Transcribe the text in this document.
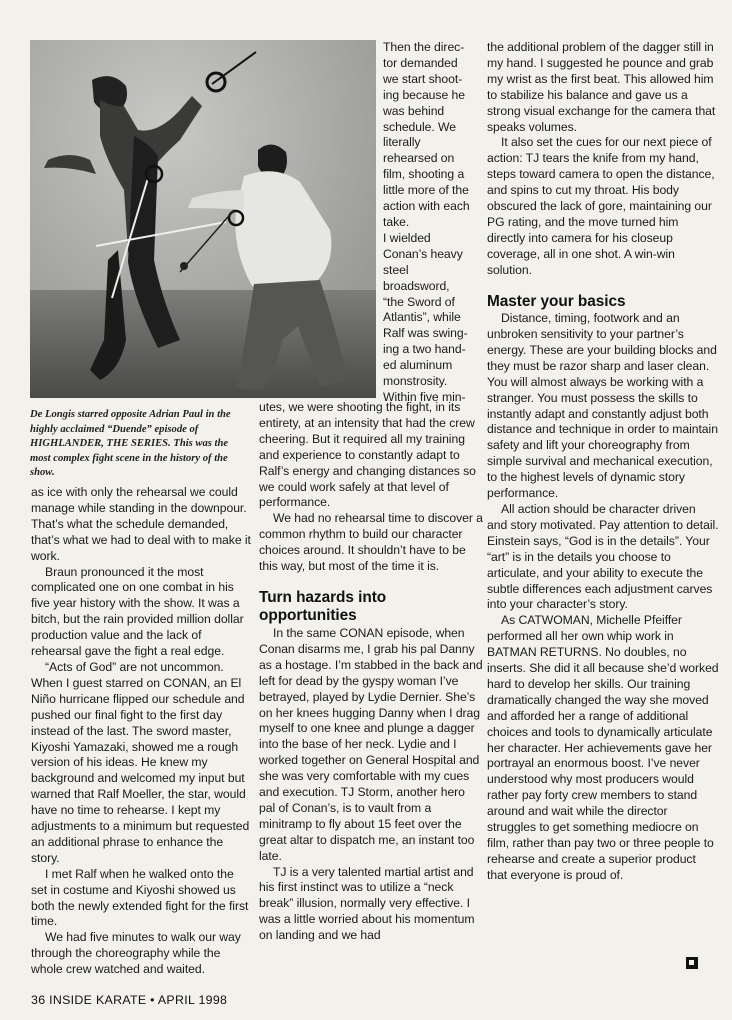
De Longis starred opposite Adrian Paul in the highly acclaimed “Duende” episode of HIGHLANDER, THE SERIES. This was the most complex fight scene in the history of the show.

as ice with only the rehearsal we could manage while standing in the downpour. That’s what the schedule demanded, that’s what we had to deal with to make it work.

Braun pronounced it the most complicated one on one combat in his five year history with the show. It was a bitch, but the rain provided million dollar production value and the lack of rehearsal gave the fight a real edge.

“Acts of God” are not uncommon. When I guest starred on CONAN, an El Niño hurricane flipped our schedule and pushed our final fight to the first day instead of the last. The sword master, Kiyoshi Yamazaki, showed me a rough version of his ideas. He knew my background and welcomed my input but warned that Ralf Moeller, the star, would have no time to rehearse. I kept my adjustments to a minimum but requested an additional phrase to enhance the story.

I met Ralf when he walked onto the set in costume and Kiyoshi showed us both the newly extended fight for the first time.

We had five minutes to walk our way through the choreography while the whole crew watched and waited.

Then the direc-
tor demanded
we start shoot-
ing because he
was behind
schedule. We
literally
rehearsed on
film, shooting a
little more of the
action with each
take.
I wielded
Conan’s heavy
steel
broadsword,
“the Sword of
Atlantis”, while
Ralf was swing-
ing a two hand-
ed aluminum
monstrosity.
Within five min-

utes, we were shooting the fight, in its entirety, at an intensity that had the crew cheering. But it required all my training and experience to constantly adapt to Ralf’s energy and changing distances so we could work safely at that level of performance.

We had no rehearsal time to discover a common rhythm to build our character choices around. It shouldn’t have to be this way, but most of the time it is.

Turn hazards into opportunities

In the same CONAN episode, when Conan disarms me, I grab his pal Danny as a hostage. I’m stabbed in the back and left for dead by the gyspy woman I’ve betrayed, played by Lydie Dernier. She’s on her knees hugging Danny when I drag myself to one knee and plunge a dagger into the base of her neck. Lydie and I worked together on General Hospital and she was very comfortable with my cues and execution. TJ Storm, another hero pal of Conan’s, is to vault from a minitramp to fly about 15 feet over the great altar to dispatch me, an instant too late.

TJ is a very talented martial artist and his first instinct was to utilize a “neck break” illusion, normally very effective. I was a little worried about his momentum on landing and we had

the additional problem of the dagger still in my hand. I suggested he pounce and grab my wrist as the first beat. This allowed him to stabilize his balance and gave us a strong visual exchange for the camera that speaks volumes.

It also set the cues for our next piece of action: TJ tears the knife from my hand, steps toward camera to open the distance, and spins to cut my throat. His body obscured the lack of gore, maintaining our PG rating, and the move turned him directly into camera for his closeup coverage, all in one shot. A win-win solution.

Master your basics

Distance, timing, footwork and an unbroken sensitivity to your partner’s energy. These are your building blocks and they must be razor sharp and laser clean. You will almost always be working with a stranger. You must possess the skills to instantly adapt and constantly adjust both distance and technique in order to maintain safety and lift your choreography from simple survival and mechanical execution, to the highest levels of dynamic story performance.

All action should be character driven and story motivated. Pay attention to detail. Einstein says, “God is in the details”. Your “art” is in the details you choose to articulate, and your ability to execute the subtle differences each adjustment carves into your character’s story.

As CATWOMAN, Michelle Pfeiffer performed all her own whip work in BATMAN RETURNS. No doubles, no inserts. She did it all because she’d worked hard to develop her skills. Our training dramatically changed the way she moved and afforded her a range of additional choices and tools to dynamically articulate her character. Her achievements gave her portrayal an enormous boost. I’ve never understood why most producers would rather pay forty crew members to stand around and wait while the director struggles to get something mediocre on film, rather than pay two or three people to rehearse and create a superior product that everyone is proud of.

36 INSIDE KARATE • APRIL 1998
